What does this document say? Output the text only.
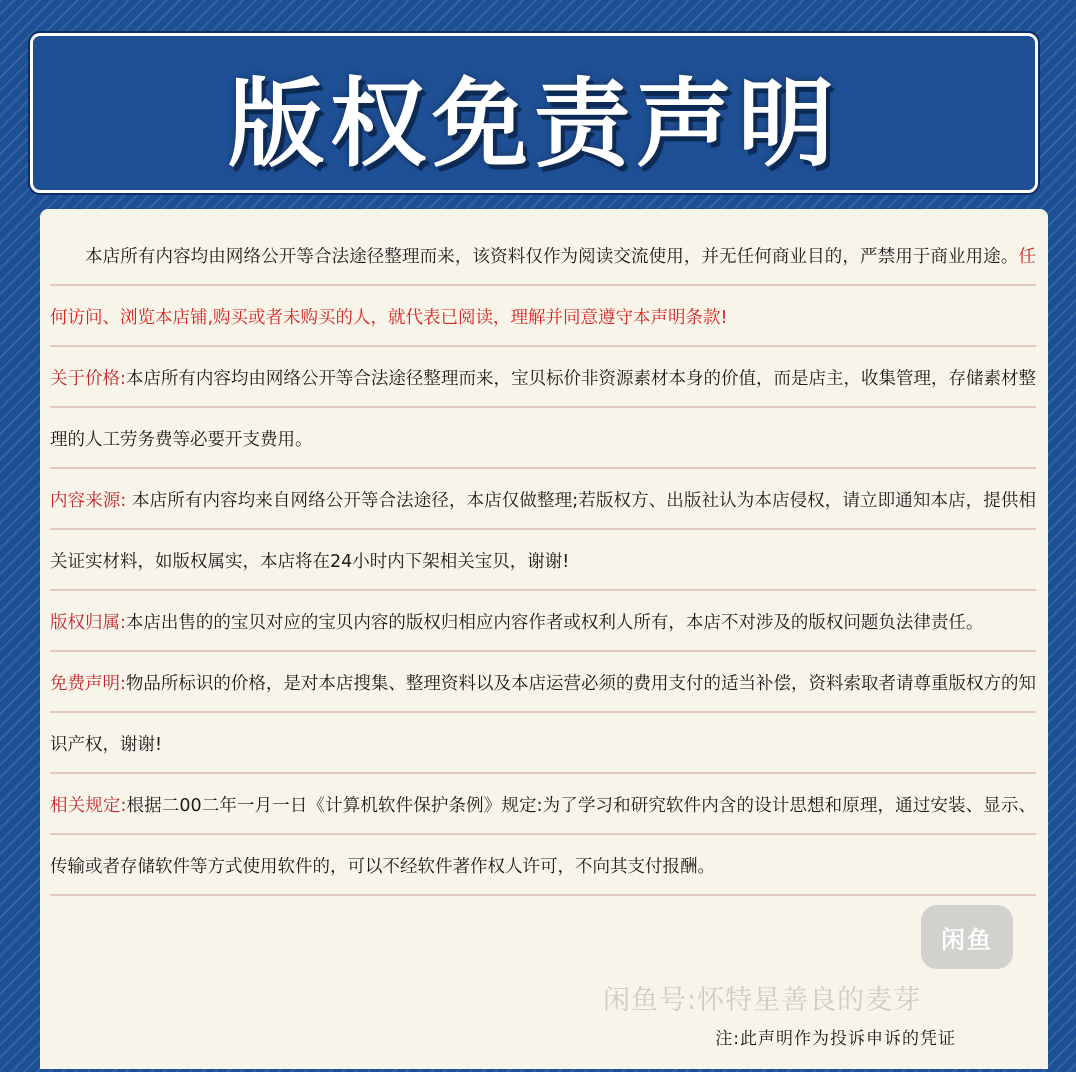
版权免责声明

本店所有内容均由网络公开等合法途径整理而来，该资料仅作为阅读交流使用，并无任何商业目的，严禁用于商业用途。任何访问、浏览本店铺,购买或者未购买的人，就代表已阅读，理解并同意遵守本声明条款!

关于价格:本店所有内容均由网络公开等合法途径整理而来，宝贝标价非资源素材本身的价值，而是店主，收集管理，存储素材整理的人工劳务费等必要开支费用。

内容来源: 本店所有内容均来自网络公开等合法途径，本店仅做整理;若版权方、出版社认为本店侵权，请立即通知本店，提供相关证实材料，如版权属实，本店将在24小时内下架相关宝贝，谢谢!

版权归属:本店出售的的宝贝对应的宝贝内容的版权归相应内容作者或权利人所有，本店不对涉及的版权问题负法律责任。

免费声明:物品所标识的价格，是对本店搜集、整理资料以及本店运营必须的费用支付的适当补偿，资料索取者请尊重版权方的知识产权，谢谢!

相关规定:根据二00二年一月一日《计算机软件保护条例》规定:为了学习和研究软件内含的设计思想和原理，通过安装、显示、传输或者存储软件等方式使用软件的，可以不经软件著作权人许可，不向其支付报酬。

注:此声明作为投诉申诉的凭证
闲鱼
闲鱼号:怀特星善良的麦芽
